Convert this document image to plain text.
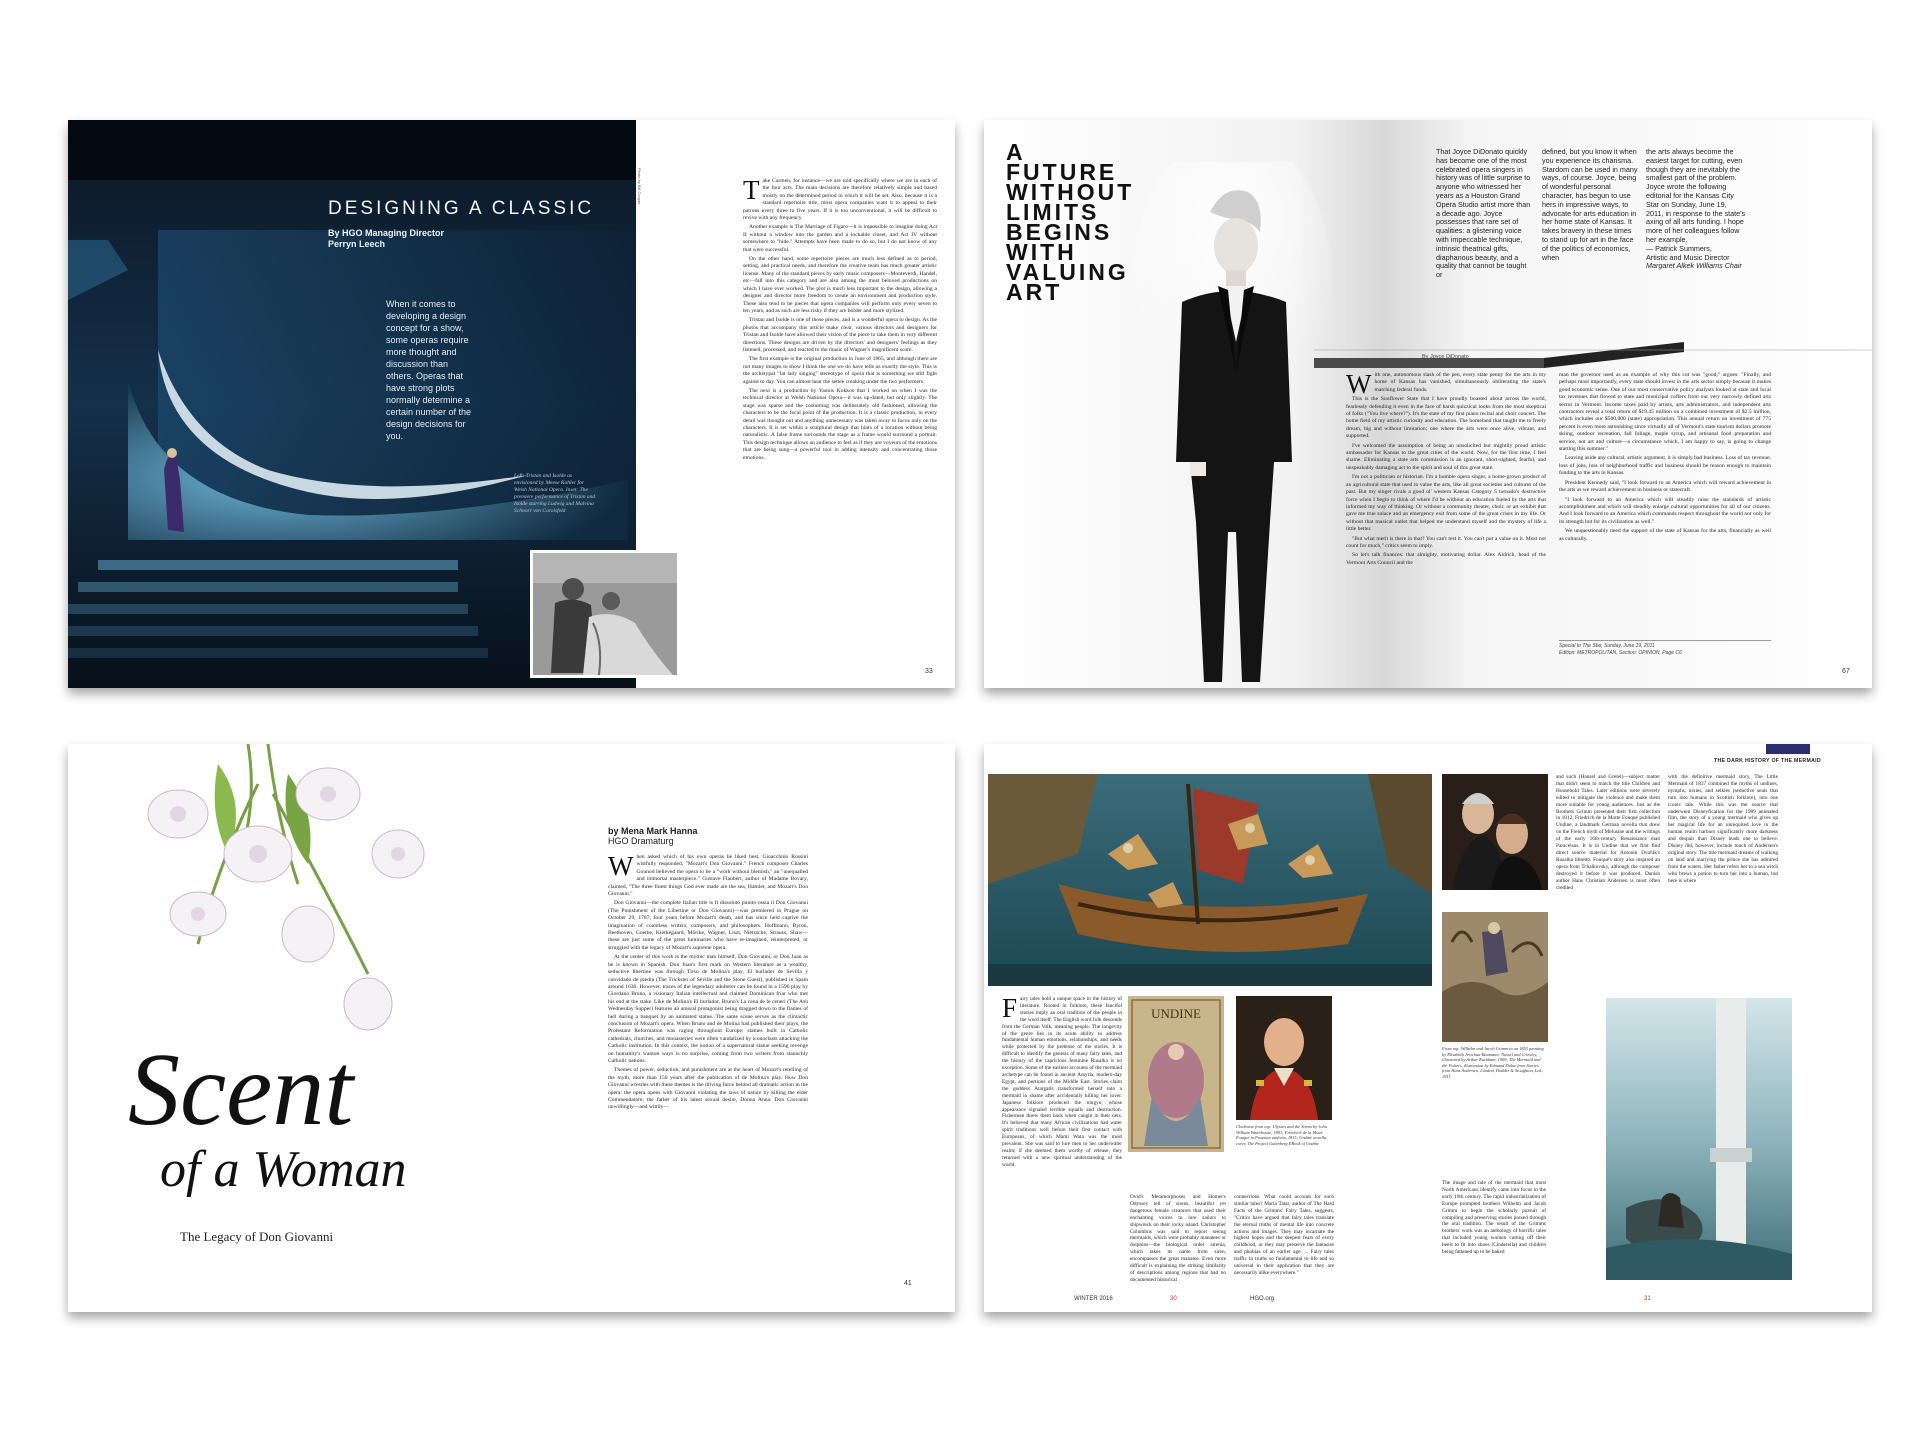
DESIGNING A CLASSIC
By HGO Managing Director
Perryn Leech
When it comes to developing a design concept for a show, some operas require more thought and discussion than others. Operas that have strong plots normally determine a certain number of the design decisions for you.
Left: Tristan and Isolde as envisioned by Meese Kohler for Welsh National Opera. Inset: The premiere performance of Tristan and Isolde starring Ludwig and Malvina Schnorr von Carolsfeld
Photo by Bill Cooper	T ake Carmen, for instance—we are told specifically where we are in each of the four acts. The main decisions are therefore relatively simple and based mostly on the determined period in which it will be set. Also, because it is a standard repertoire title, most opera companies want it to appeal to their patrons every three to five years. If it is too unconventional, it will be difficult to revive with any frequency.

Another example is The Marriage of Figaro—it is impossible to imagine doing Act II without a window into the garden and a lockable closet, and Act IV without somewhere to "hide." Attempts have been made to do so, but I do not know of any that were successful.

On the other hand, some repertoire pieces are much less defined as to period, setting, and practical needs, and therefore the creative team has much greater artistic license. Many of the standard pieces by early music composers—Monteverdi, Handel, etc—fall into this category and are also among the most beloved productions on which I have ever worked. The plot is much less important to the design, allowing a designer and director more freedom to create an environment and production style. These also tend to be pieces that opera companies will perform only every seven to ten years, and as such are less risky if they are bolder and more stylized.

Tristan and Isolde is one of those pieces, and is a wonderful opera to design. As the photos that accompany this article make clear, various directors and designers for Tristan and Isolde have allowed their vision of the piece to take them in very different directions. These designs are driven by the directors' and designers' feelings as they listened, processed, and reacted to the music of Wagner's magnificent score.

The first example is the original production in June of 1865, and although there are not many images to show I think the one we do have tells us exactly the style. This is the archetypal "fat lady singing" stereotype of opera that is something we still fight against to day. You can almost hear the settee creaking under the two performers.

The next is a production by Yannis Kokkos that I worked on when I was the technical director at Welsh National Opera—it was up-dated, but only slightly. The stage was sparse and the costuming was deliberately old fashioned, allowing the characters to be the focal point of the production. It is a classic production, in every detail was thought out and anything unnecessary was taken away to focus only on the characters. It is set within a sculptural design that hints of a location without being naturalistic. A false frame surrounds the stage as a frame would surround a portrait. This design technique allows an audience to feel as if they are voyeurs of the emotions that are being sung—a powerful tool in adding intensity and concentrating those emotions.

33
A
FUTURE
WITHOUT
LIMITS
BEGINS
WITH
VALUING
ART
That Joyce DiDonato quickly has become one of the most celebrated opera singers in history was of little surprise to anyone who witnessed her years as a Houston Grand Opera Studio artist more than a decade ago. Joyce possesses that rare set of qualities: a glistening voice with impeccable technique, intrinsic theatrical gifts, diaphanous beauty, and a quality that cannot be taught or
defined, but you know it when you experience its charisma. Stardom can be used in many ways, of course. Joyce, being of wonderful personal character, has begun to use hers in impressive ways, to advocate for arts education in her home state of Kansas. It takes bravery in these times to stand up for art in the face of the politics of economics, when
the arts always become the easiest target for cutting, even though they are inevitably the smallest part of the problem. Joyce wrote the following editorial for the Kansas City Star on Sunday, June 19, 2011, in response to the state's axing of all arts funding. I hope more of her colleagues follow her example.
— Patrick Summers,
Artistic and Music Director
Margaret Alkek Williams Chair
By Joyce DiDonato
W ith one, autonomous slash of the pen, every state penny for the arts in my home of Kansas has vanished, simultaneously obliterating the state's matching federal funds.

This is the Sunflower State that I have proudly boasted about across the world, fearlessly defending it even in the face of harsh quizzical looks from the most skeptical of folks ("You live where?"). It's the state of my first piano recital and choir concert. The home field of my artistic curiosity and education. The homeland that taught me to freely dream, big and without limitation; one where the arts were once alive, vibrant, and supported.

I've welcomed the assumption of being an unsolicited but mightily proud artistic ambassador for Kansas to the great cities of the world. Now, for the first time, I feel shame. Eliminating a state arts commission is an ignorant, short-sighted, fearful, and unspeakably damaging act to the spirit and soul of this great state.

I'm not a politician or historian. I'm a humble opera singer, a home-grown product of an agricultural state that used to value the arts, like all great societies and cultures of the past. But my singer rivals a good ol' western Kansas Category 5 tornado's destructive force when I begin to think of where I'd be without an education fueled by the arts that informed my way of thinking. Or without a community theater, choir, or art exhibit that gave me true solace and an emergency exit from some of the great crises in my life. Or without that musical outlet that helped me understand myself and the mystery of life a little better.

"But what merit is there in that? You can't test it. You can't put a value on it. Must not count for much," critics seem to imply.

So let's talk finances: that almighty, motivating dollar. Alex Aldrich, head of the Vermont Arts Council and the

man the governor used as an example of why this cut was "good," argues: "Finally, and perhaps most importantly, every state should invest in the arts sector simply because it makes good economic sense. One of our most conservative policy analysts looked at state and local tax revenues that flowed to state and municipal coffers from our very narrowly defined arts sector in Vermont. Income taxes paid by artists, arts administrators, and independent arts contractors reveal a total return of $19.45 million on a combined investment of $2.5 million, which includes our $500,000 (state) appropriation. This annual return on investment of 775 percent is even more astonishing since virtually all of Vermont's state tourism dollars promote skiing, outdoor recreation, fall foliage, maple syrup, and artisanal food preparation and service, not art and culture—a circumstance which, I am happy to say, is going to change starting this summer."

Leaving aside any cultural, artistic argument, it is simply bad business. Loss of tax revenue, loss of jobs, loss of neighborhood traffic and business should be reason enough to maintain funding to the arts in Kansas.

President Kennedy said, "I look forward to an America which will reward achievement in the arts as we reward achievement in business or statecraft.

"I look forward to an America which will steadily raise the standards of artistic accomplishment and which will steadily enlarge cultural opportunities for all of our citizens. And I look forward to an America which commands respect throughout the world not only for its strength but for its civilization as well."

We unquestionably need the support of the state of Kansas for the arts, financially as well as culturally.

Special to The Star, Sunday, June 19, 2011
Edition: METROPOLITAN, Section: OPINION, Page C6
67
Scent
of a Woman
The Legacy of Don Giovanni
by Mena Mark Hanna
HGO Dramaturg
W hen asked which of his own operas he liked best, Gioacchino Rossini wistfully responded, "Mozart's Don Giovanni." French composer Charles Gounod believed the opera to be a "work without blemish," an "unequalled and immortal masterpiece." Gustave Flaubert, author of Madame Bovary, claimed, "The three finest things God ever made are the sea, Hamlet, and Mozart's Don Giovanni."

Don Giovanni—the complete Italian title is Il dissoluto punito ossia il Don Giovanni (The Punishment of the Libertine or Don Giovanni)—was premiered in Prague on October 29, 1787, four years before Mozart's death, and has since held captive the imagination of countless writers, composers, and philosophers. Hoffmann, Byron, Beethoven, Goethe, Kierkegaard, Mörike, Wagner, Liszt, Nietzsche, Strauss, Shaw—these are just some of the great luminaries who have re-imagined, reinterpreted, or struggled with the legacy of Mozart's supreme opera.

At the center of this work is the mythic man himself, Don Giovanni, or Don Juan as he is known in Spanish. Don Juan's first mark on Western literature as a wealthy, seductive libertine was through Tirso de Molina's play, El burlador de Sevilla y convidado de piedra (The Trickster of Seville and the Stone Guest), published in Spain around 1630. However, traces of the legendary adulterer can be found in a 1596 play by Giordano Bruno, a visionary Italian intellectual and claimed Dominican friar who met his end at the stake. Like de Molina's El burlador, Bruno's La cena de le ceneri (The Ash Wednesday Supper) features an amoral protagonist being dragged down to the flames of hell during a banquet by an animated statue. The same scene serves as the climactic conclusion of Mozart's opera. When Bruno and de Molina had published their plays, the Protestant Reformation was raging throughout Europe; statues built in Catholic cathedrals, churches, and monasteries were often vandalized by iconoclasts attacking the Catholic institution. In this context, the notion of a supernatural statue seeking revenge on humanity's wanton ways is no surprise, coming from two writers from staunchly Catholic nations.

Themes of power, seduction, and punishment are at the heart of Mozart's retelling of the myth, more than 150 years after the publication of de Molina's play. How Don Giovanni wrestles with these themes is the driving force behind all dramatic action in the opera: the opera opens with Giovanni violating the laws of nature by killing the elder Commendatore, the father of his latest sexual desire, Donna Anna. Don Giovanni unwillingly—and wittily—

41
THE DARK HISTORY OF THE MERMAID
UNDINE
Clockwise from top: Ulysses and the Sirens by John William Waterhouse, 1891; Friedrich de la Motte Fouqué in Prussian uniform, 1815; Undine novella cover, The Project Gutenberg EBook of Undine
From top: Wilhelm and Jacob Grimm in an 1855 painting by Elisabeth Jerichau-Baumann; Nussel and Crowley, illustrated by Arthur Rackham, 1909; The Mermaid and the Fishers, illustration by Edmund Dulac from Stories from Hans Andersen, London, Hodder & Stoughton, Ltd., 1911
F airy tales hold a unique space in the history of literature. Rooted in folklore, these fanciful stories imply an oral tradition of the people in the word itself. The English word folk descends from the German Volk, meaning people. The longevity of the genre lies in its acute ability to address fundamental human emotions, relationships, and needs while protected by the pretense of the stories. It is difficult to identify the genesis of many fairy tales, and the history of the capricious feminine Rusalka is no exception. Some of the earliest accounts of the mermaid archetype can be found in ancient Assyria, modern-day Egypt, and portions of the Middle East. Stories claim the goddess Atargatis transformed herself into a mermaid in shame after accidentally killing her lover. Japanese folklore produced the ningyo, whose appearance signaled terrible squalls and destruction. Fishermen threw them back when caught in their nets. It's believed that many African civilizations had water spirit traditions well before their first contact with Europeans, of which Mami Wata was the most prevalent. She was said to lure men to her underwater realm; if she deemed them worthy of release, they returned with a new spiritual understanding of the world.
Ovid's Metamorphoses and Homer's Odyssey tell of sirens, beautiful yet dangerous female creatures that used their enchanting voices to lure sailors to shipwreck on their rocky island. Christopher Columbus was said to report seeing mermaids, which were probably manatees or dolphins—the biological order sirenia, which takes its name from siren, encompasses the great manatee. Even more difficult is explaining the striking similarity of descriptions among regions that had no documented historical
connections. What could account for such similar tales? Maria Tatar, author of The Hard Facts of the Grimms' Fairy Tales, suggests, "Critics have argued that fairy tales translate the eternal truths of mental life into concrete actions and images. They may incarnate the highest hopes and the deepest fears of every childhood, or they may preserve the fantasies and phobias of an earlier age. ... Fairy tales traffic in truths so fundamental to life and so universal in their application that they are necessarily alike everywhere."
and such (Hansel and Gretel)—subject matter that didn't seem to match the title Children and Household Tales. Later editions were severely edited to mitigate the violence and make them more suitable for young audiences. Just as the Brothers Grimm presented their first collection in 1812, Friedrich de la Motte Fouqué published Undine, a landmark German novella that drew on the French myth of Melusine and the writings of the early 16th-century Renaissance man Paracelsus. It is in Undine that we first find direct source material for Antonín Dvořák's Rusalka libretto. Fouqué's story also inspired an opera from Tchaikovsky, although the composer destroyed it before it was produced. Danish author Hans Christian Andersen is most often credited
The image and tale of the mermaid that most North Americans identify came into focus in the early 19th century. The rapid industrialization of Europe prompted brothers Wilhelm and Jacob Grimm to begin the scholarly pursuit of compiling and preserving stories passed through the oral tradition. The result of the Grimms brothers' work was an anthology of horrific tales that included young women cutting off their heels to fit into shoes (Cinderella) and children being fattened up to be baked
with the definitive mermaid story, The Little Mermaid of 1837 combined the myths of undines, nymphs, nixies, and selkies (seductive seals that turn into humans in Scottish folklore), into one iconic tale. While this was the source that underwent Disneyfication for the 1989 animated film, the story of a young mermaid who gives up her magical life for an unrequited love in the human realm harbors significantly more darkness and despair than Disney leads one to believe. Disney did, however, include much of Andersen's original story. The title mermaid dreams of walking on land and marrying the prince she has admired from the waters. Her father refers her to a sea witch who brews a potion to turn her into a human, but here is where
WINTER 2016	30	HGO.org	31
